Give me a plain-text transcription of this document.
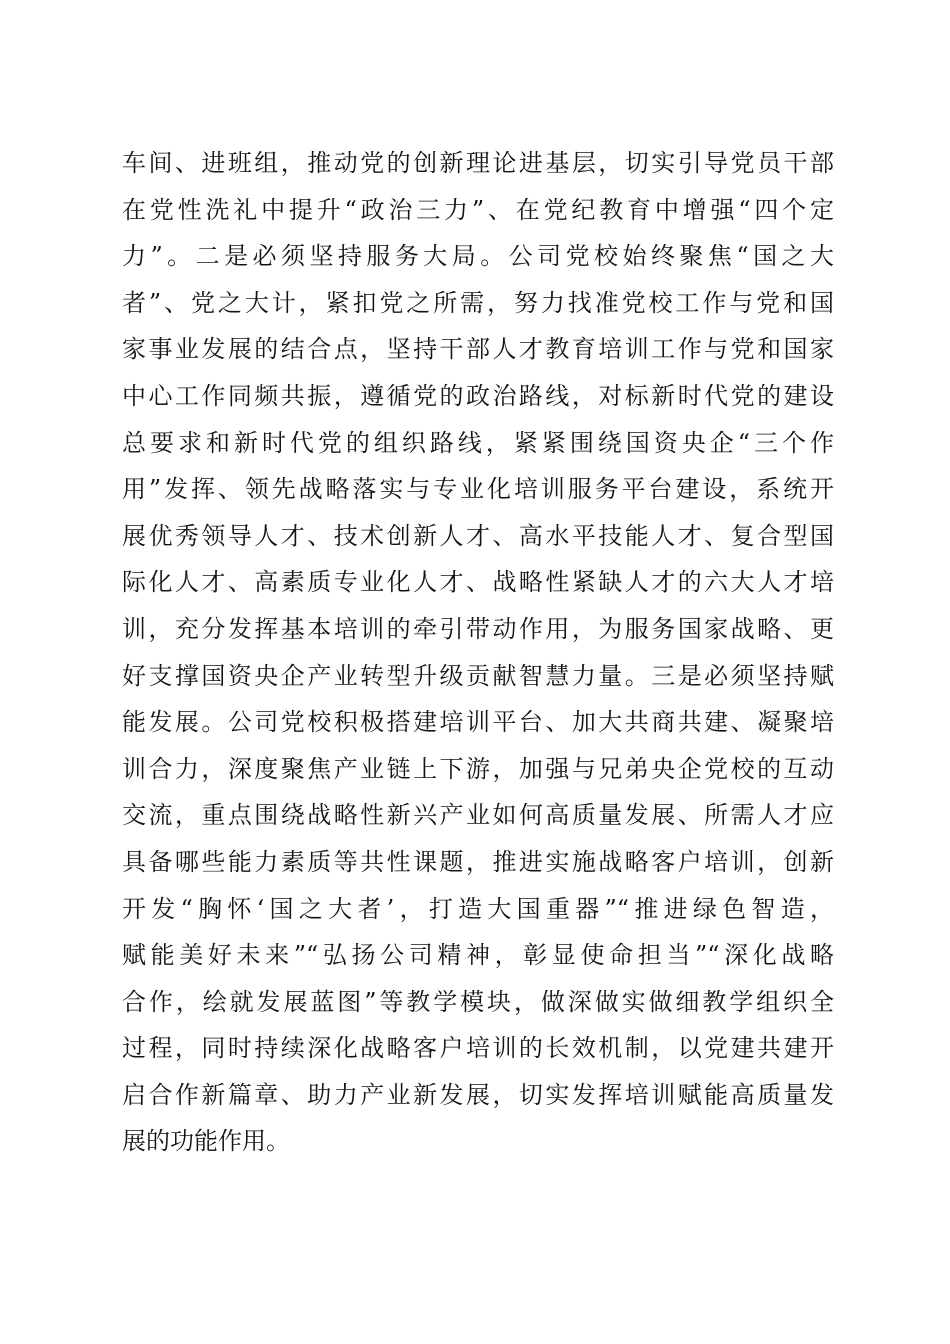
车间、进班组，推动党的创新理论进基层，切实引导党员干部
在党性洗礼中提升“政治三力”、在党纪教育中增强“四个定
力”。二是必须坚持服务大局。公司党校始终聚焦“国之大
者”、党之大计，紧扣党之所需，努力找准党校工作与党和国
家事业发展的结合点，坚持干部人才教育培训工作与党和国家
中心工作同频共振，遵循党的政治路线，对标新时代党的建设
总要求和新时代党的组织路线，紧紧围绕国资央企“三个作
用”发挥、领先战略落实与专业化培训服务平台建设，系统开
展优秀领导人才、技术创新人才、高水平技能人才、复合型国
际化人才、高素质专业化人才、战略性紧缺人才的六大人才培
训，充分发挥基本培训的牵引带动作用，为服务国家战略、更
好支撑国资央企产业转型升级贡献智慧力量。三是必须坚持赋
能发展。公司党校积极搭建培训平台、加大共商共建、凝聚培
训合力，深度聚焦产业链上下游，加强与兄弟央企党校的互动
交流，重点围绕战略性新兴产业如何高质量发展、所需人才应
具备哪些能力素质等共性课题，推进实施战略客户培训，创新
开发“胸怀‘国之大者’，打造大国重器”“推进绿色智造，
赋能美好未来”“弘扬公司精神，彰显使命担当”“深化战略
合作，绘就发展蓝图”等教学模块，做深做实做细教学组织全
过程，同时持续深化战略客户培训的长效机制，以党建共建开
启合作新篇章、助力产业新发展，切实发挥培训赋能高质量发
展的功能作用。
